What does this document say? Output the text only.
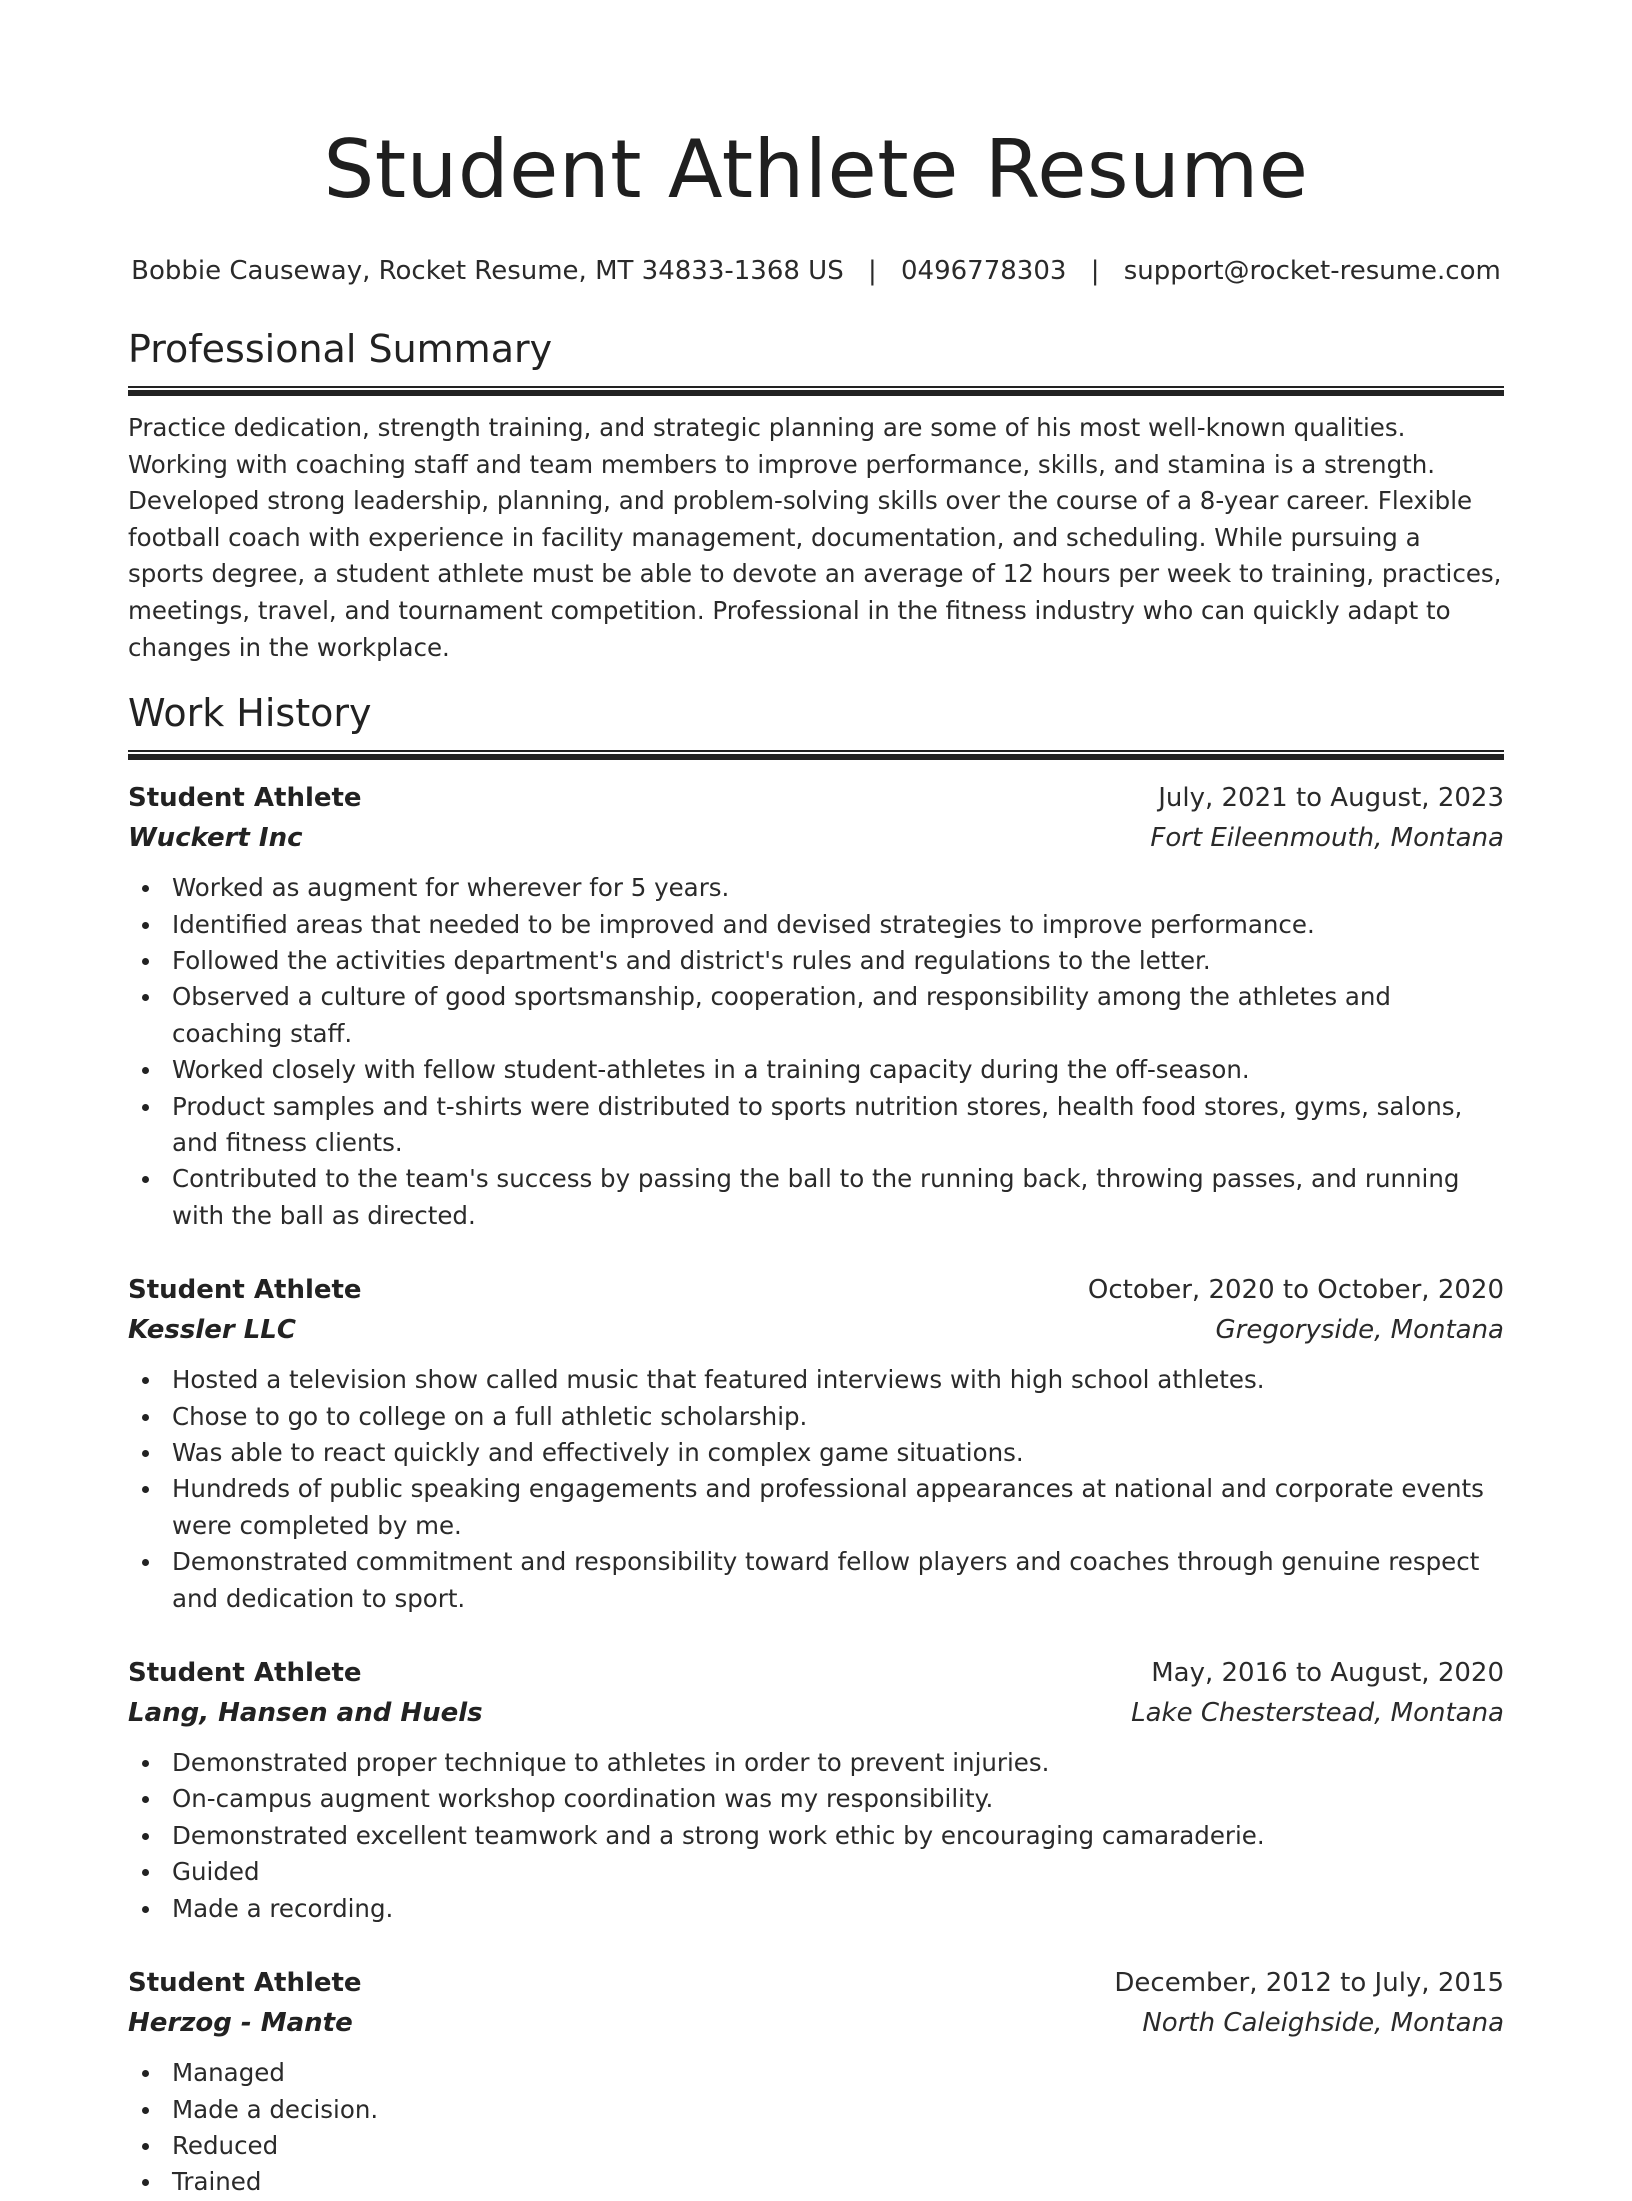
Student Athlete Resume
Bobbie Causeway, Rocket Resume, MT 34833-1368 US | 0496778303 | support@rocket-resume.com
Professional Summary

Practice dedication, strength training, and strategic planning are some of his most well-known qualities. Working with coaching staff and team members to improve performance, skills, and stamina is a strength. Developed strong leadership, planning, and problem-solving skills over the course of a 8-year career. Flexible football coach with experience in facility management, documentation, and scheduling. While pursuing a sports degree, a student athlete must be able to devote an average of 12 hours per week to training, practices, meetings, travel, and tournament competition. Professional in the fitness industry who can quickly adapt to changes in the workplace.

Work History
Student Athlete	July, 2021 to August, 2023
Wuckert Inc	Fort Eileenmouth, Montana
Worked as augment for wherever for 5 years.
Identified areas that needed to be improved and devised strategies to improve performance.
Followed the activities department's and district's rules and regulations to the letter.
Observed a culture of good sportsmanship, cooperation, and responsibility among the athletes and coaching staff.
Worked closely with fellow student-athletes in a training capacity during the off-season.
Product samples and t-shirts were distributed to sports nutrition stores, health food stores, gyms, salons, and fitness clients.
Contributed to the team's success by passing the ball to the running back, throwing passes, and running with the ball as directed.
Student Athlete	October, 2020 to October, 2020
Kessler LLC	Gregoryside, Montana
Hosted a television show called music that featured interviews with high school athletes.
Chose to go to college on a full athletic scholarship.
Was able to react quickly and effectively in complex game situations.
Hundreds of public speaking engagements and professional appearances at national and corporate events were completed by me.
Demonstrated commitment and responsibility toward fellow players and coaches through genuine respect and dedication to sport.
Student Athlete	May, 2016 to August, 2020
Lang, Hansen and Huels	Lake Chesterstead, Montana
Demonstrated proper technique to athletes in order to prevent injuries.
On-campus augment workshop coordination was my responsibility.
Demonstrated excellent teamwork and a strong work ethic by encouraging camaraderie.
Guided
Made a recording.
Student Athlete	December, 2012 to July, 2015
Herzog - Mante	North Caleighside, Montana
Managed
Made a decision.
Reduced
Trained
